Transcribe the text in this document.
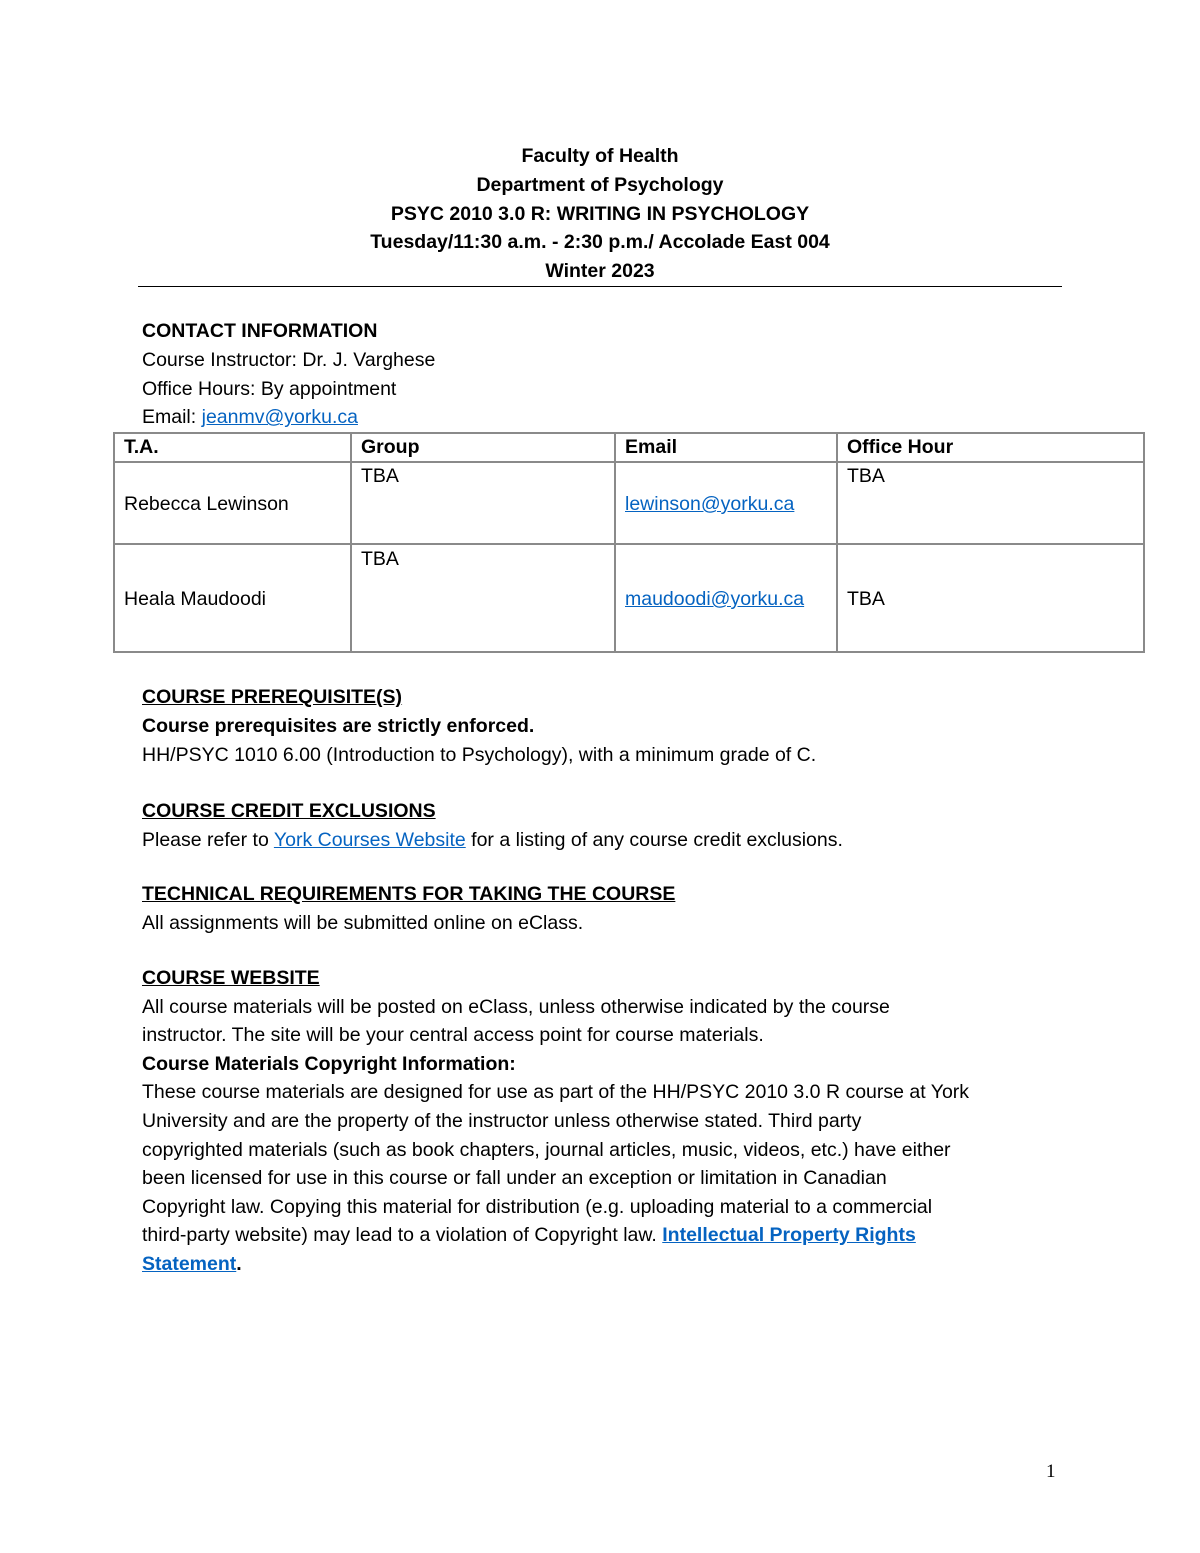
Faculty of Health
Department of Psychology
PSYC 2010 3.0 R: WRITING IN PSYCHOLOGY
Tuesday/11:30 a.m. - 2:30 p.m./ Accolade East 004
Winter 2023
CONTACT INFORMATION
Course Instructor: Dr. J. Varghese
Office Hours: By appointment
Email: jeanmv@yorku.ca
T.A.	Group	Email	Office Hour

Rebecca Lewinson	TBA	lewinson@yorku.ca	TBA

Heala Maudoodi	TBA	maudoodi@yorku.ca	TBA
COURSE PREREQUISITE(S)
Course prerequisites are strictly enforced.
HH/PSYC 1010 6.00 (Introduction to Psychology), with a minimum grade of C.
COURSE CREDIT EXCLUSIONS
Please refer to York Courses Website for a listing of any course credit exclusions.
TECHNICAL REQUIREMENTS FOR TAKING THE COURSE
All assignments will be submitted online on eClass.
COURSE WEBSITE
All course materials will be posted on eClass, unless otherwise indicated by the course
instructor. The site will be your central access point for course materials.
Course Materials Copyright Information:
These course materials are designed for use as part of the HH/PSYC 2010 3.0 R course at York
University and are the property of the instructor unless otherwise stated. Third party
copyrighted materials (such as book chapters, journal articles, music, videos, etc.) have either
been licensed for use in this course or fall under an exception or limitation in Canadian
Copyright law. Copying this material for distribution (e.g. uploading material to a commercial
third-party website) may lead to a violation of Copyright law. Intellectual Property Rights
Statement.
1
